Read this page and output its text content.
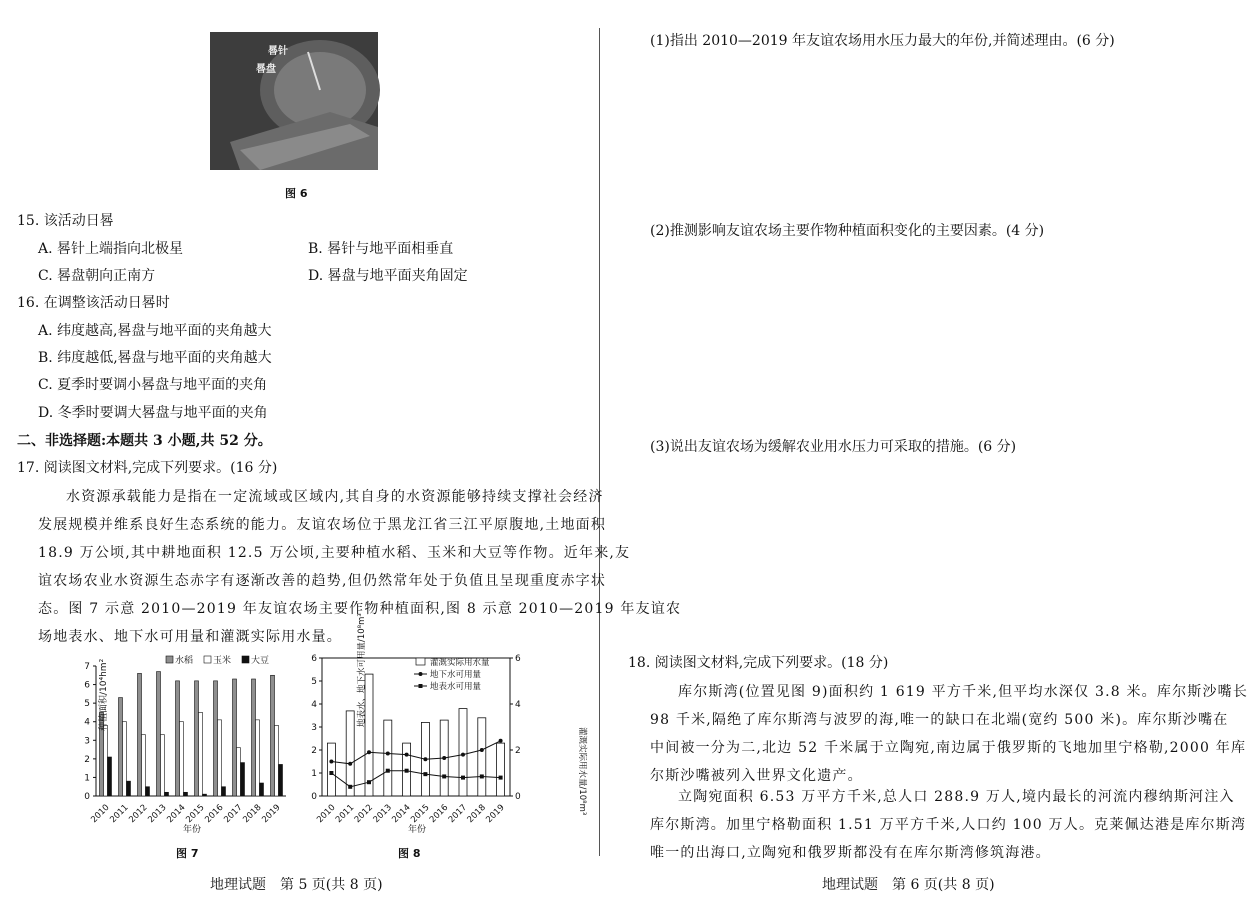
晷针
晷盘
图 6
15. 该活动日晷
A. 晷针上端指向北极星	B. 晷针与地平面相垂直
C. 晷盘朝向正南方	D. 晷盘与地平面夹角固定
16. 在调整该活动日晷时
A. 纬度越高,晷盘与地平面的夹角越大
B. 纬度越低,晷盘与地平面的夹角越大
C. 夏季时要调小晷盘与地平面的夹角
D. 冬季时要调大晷盘与地平面的夹角
二、非选择题:本题共 3 小题,共 52 分。
17. 阅读图文材料,完成下列要求。(16 分)
水资源承载能力是指在一定流域或区域内,其自身的水资源能够持续支撑社会经济
发展规模并维系良好生态系统的能力。友谊农场位于黑龙江省三江平原腹地,土地面积
18.9 万公顷,其中耕地面积 12.5 万公顷,主要种植水稻、玉米和大豆等作物。近年来,友
谊农场农业水资源生态赤字有逐渐改善的趋势,但仍然常年处于负值且呈现重度赤字状
态。图 7 示意 2010—2019 年友谊农场主要作物种植面积,图 8 示意 2010—2019 年友谊农
场地表水、地下水可用量和灌溉实际用水量。
0
1
2
3
4
5
6
7
2010
2011
2012
2013
2014
2015
2016
2017
2018
2019
水稻 玉米 大豆
年份
种植面积/10⁴hm²
图 7
0
1
2
3
4
5
6
0
2
4
6
2010
2011
2012
2013
2014
2015
2016
2017
2018
2019
灌溉实际用水量
地下水可用量
地表水可用量
年份
地表水、地下水可用量/10⁸m³
灌溉实际用水量/10⁸m³
图 8
地理试题　第 5 页(共 8 页)
(1)指出 2010—2019 年友谊农场用水压力最大的年份,并简述理由。(6 分)
(2)推测影响友谊农场主要作物种植面积变化的主要因素。(4 分)
(3)说出友谊农场为缓解农业用水压力可采取的措施。(6 分)
18. 阅读图文材料,完成下列要求。(18 分)
库尔斯湾(位置见图 9)面积约 1 619 平方千米,但平均水深仅 3.8 米。库尔斯沙嘴长
98 千米,隔绝了库尔斯湾与波罗的海,唯一的缺口在北端(宽约 500 米)。库尔斯沙嘴在
中间被一分为二,北边 52 千米属于立陶宛,南边属于俄罗斯的飞地加里宁格勒,2000 年库
尔斯沙嘴被列入世界文化遗产。
立陶宛面积 6.53 万平方千米,总人口 288.9 万人,境内最长的河流内穆纳斯河注入
库尔斯湾。加里宁格勒面积 1.51 万平方千米,人口约 100 万人。克莱佩达港是库尔斯湾
唯一的出海口,立陶宛和俄罗斯都没有在库尔斯湾修筑海港。
地理试题　第 6 页(共 8 页)
